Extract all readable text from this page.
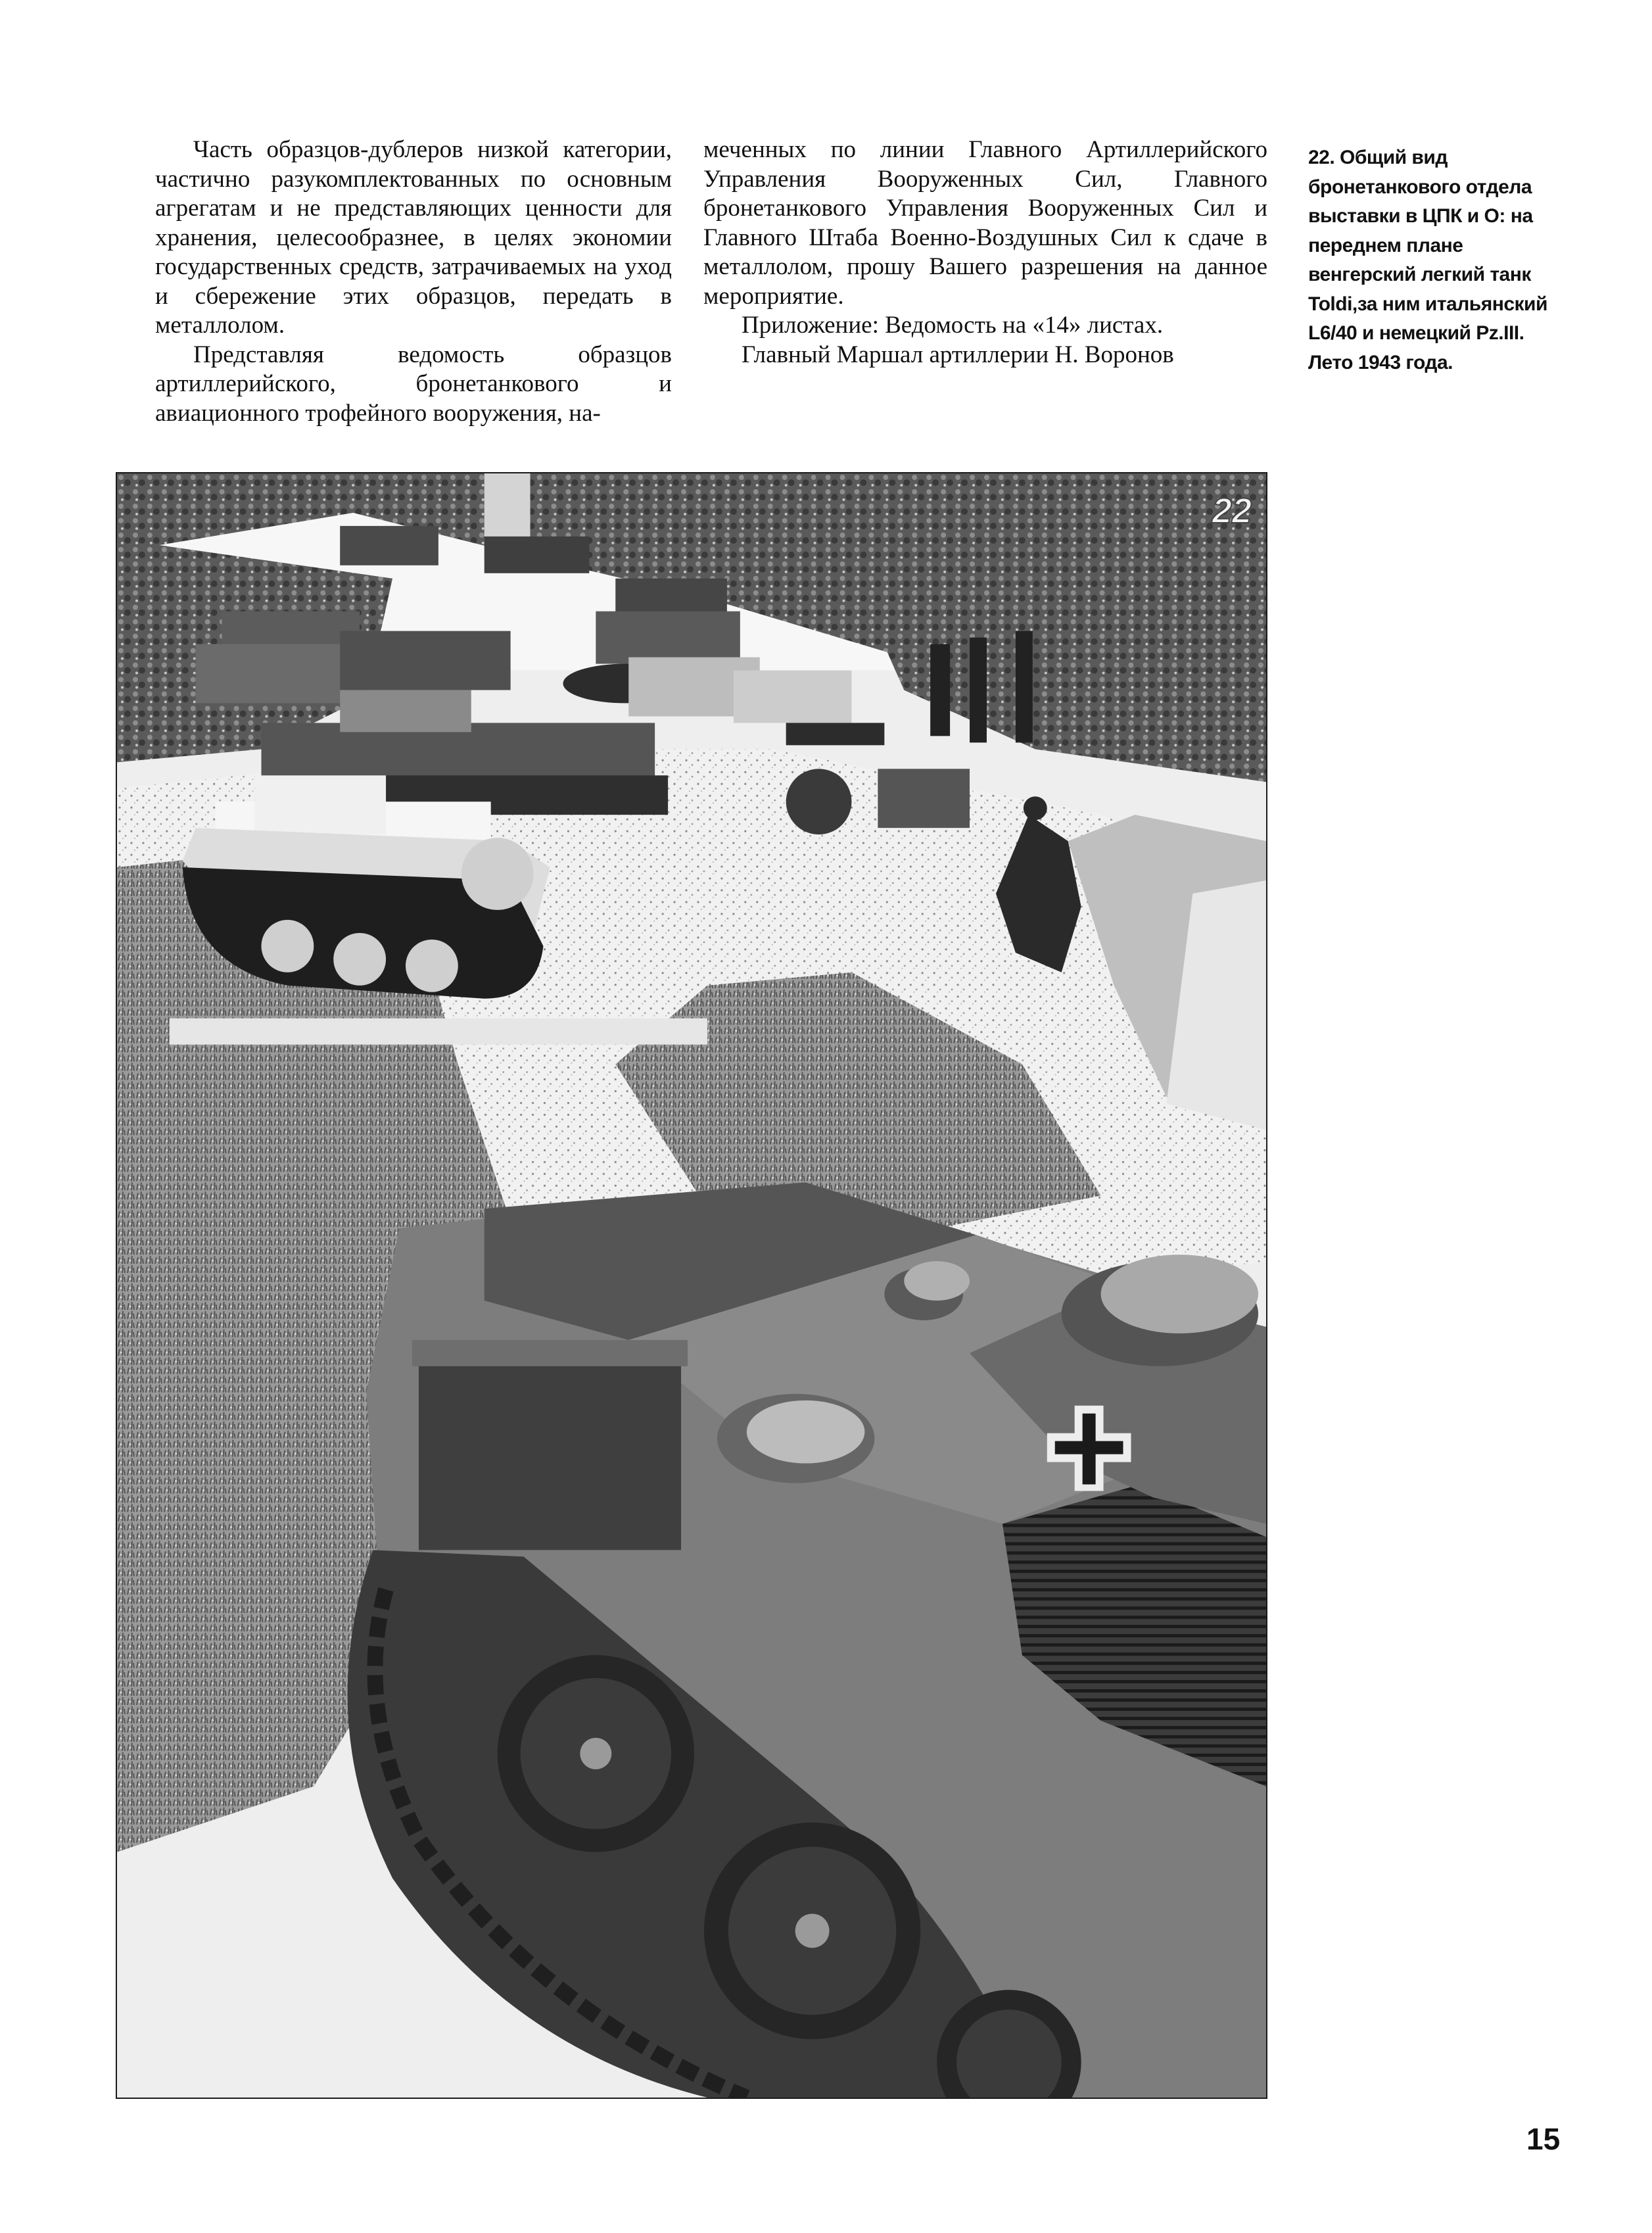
Часть образцов-дублеров низкой категории, частично разукомплектованных по основным агрегатам и не представляющих ценности для хранения, целесообразнее, в целях экономии государственных средств, затрачиваемых на уход и сбережение этих образцов, передать в металлолом.

Представляя ведомость образцов артиллерийского, бронетанкового и авиационного трофейного вооружения, на-

меченных по линии Главного Артиллерийского Управления Вооруженных Сил, Главного бронетанкового Управления Вооруженных Сил и Главного Штаба Военно-Воздушных Сил к сдаче в металлолом, прошу Вашего разрешения на данное мероприятие.

Приложение: Ведомость на «14» листах.

Главный Маршал артиллерии Н. Воронов

22. Общий вид бронетанкового отдела выставки в ЦПК и О: на переднем плане венгерский легкий танк Toldi,за ним итальянский L6/40 и немецкий Pz.III. Лето 1943 года.
22
15
